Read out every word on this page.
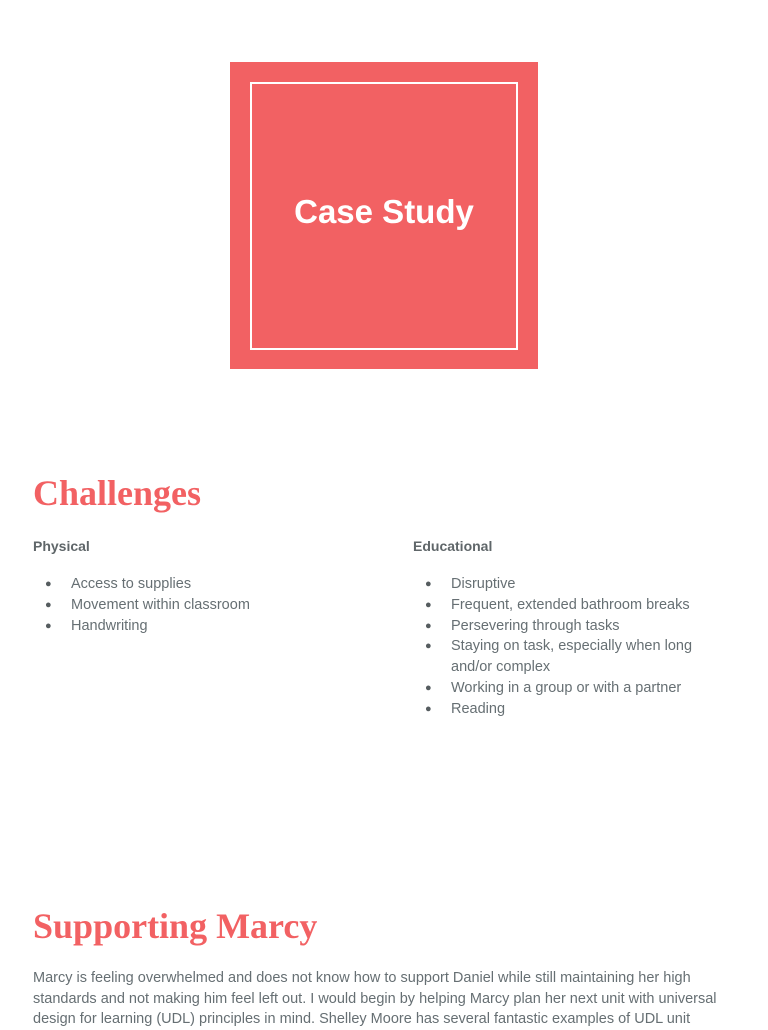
Case Study
Challenges
Physical
● Access to supplies
● Movement within classroom
● Handwriting
Educational
● Disruptive
● Frequent, extended bathroom breaks
● Persevering through tasks
● Staying on task, especially when long and/or complex
● Working in a group or with a partner
● Reading
Supporting Marcy

Marcy is feeling overwhelmed and does not know how to support Daniel while still maintaining her high standards and not making him feel left out. I would begin by helping Marcy plan her next unit with universal design for learning (UDL) principles in mind. Shelley Moore has several fantastic examples of UDL unit
